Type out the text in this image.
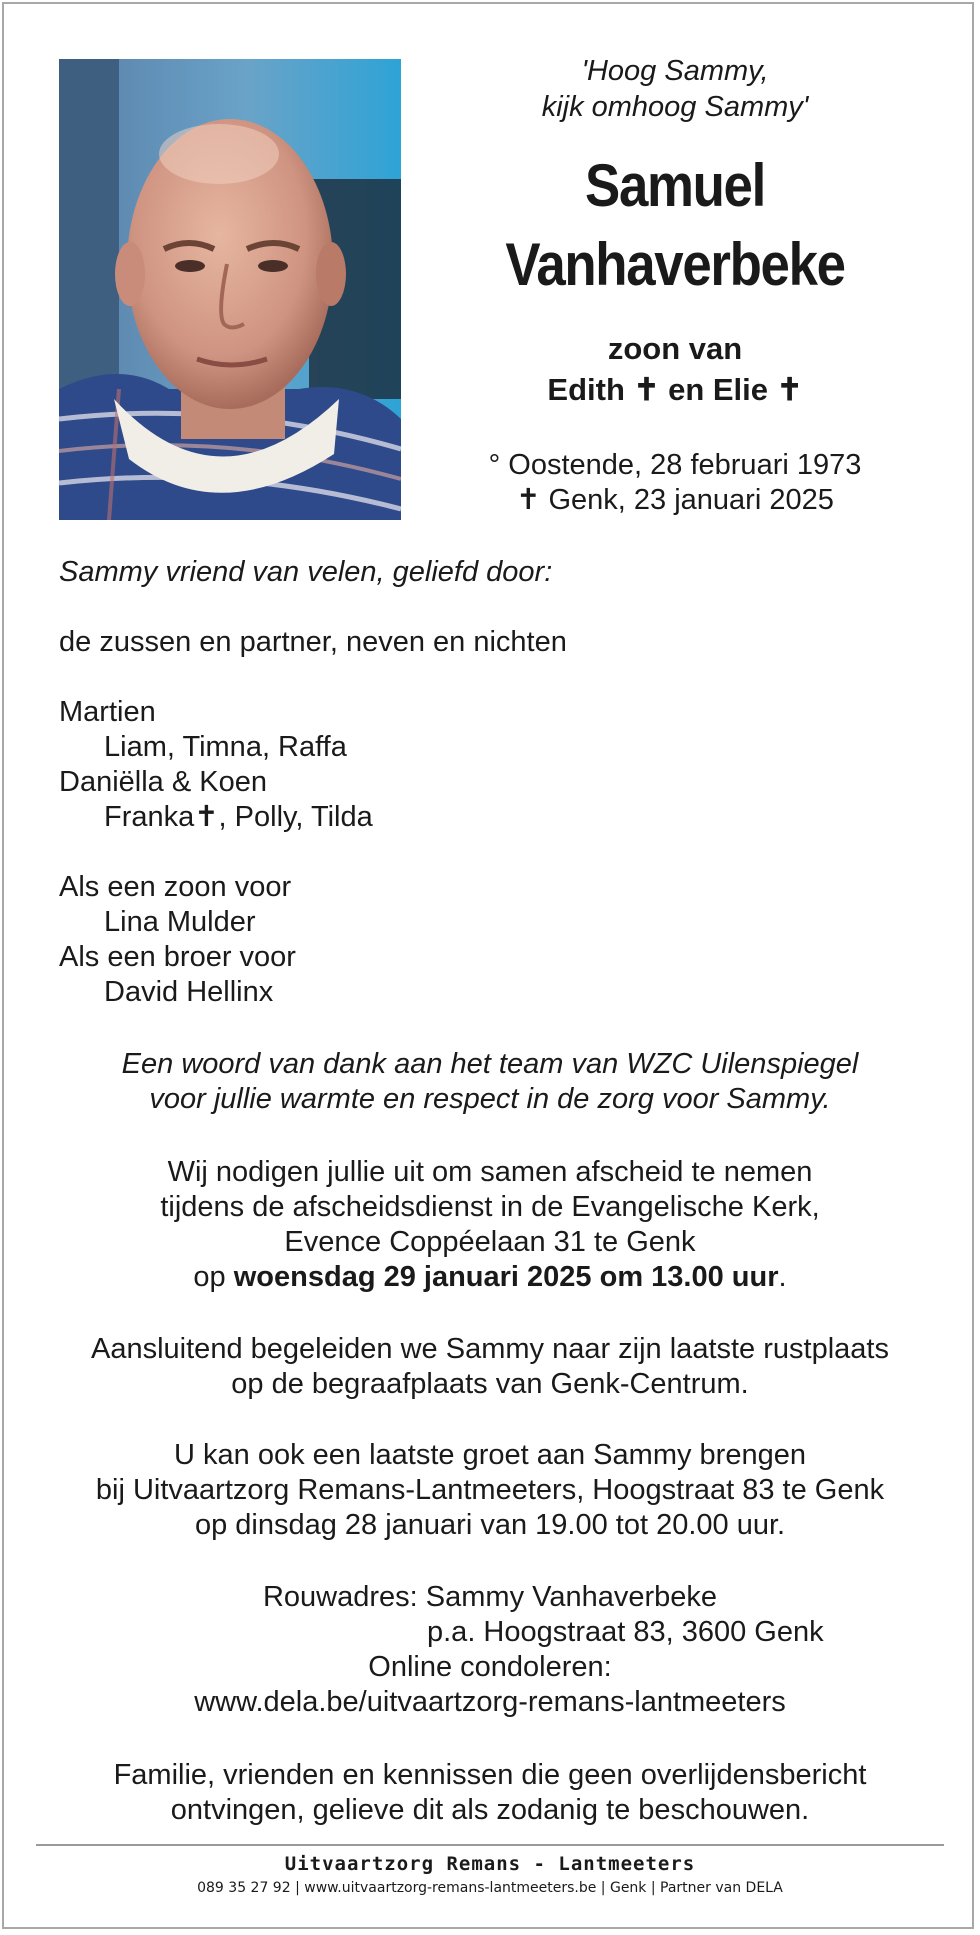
'Hoog Sammy,
kijk omhoog Sammy'
Samuel
Vanhaverbeke
zoon van
Edith ✝ en Elie ✝
° Oostende, 28 februari 1973
✝ Genk, 23 januari 2025
Sammy vriend van velen, geliefd door:
de zussen en partner, neven en nichten
Martien
Liam, Timna, Raffa
Daniëlla & Koen
Franka✝, Polly, Tilda
Als een zoon voor
Lina Mulder
Als een broer voor
David Hellinx
Een woord van dank aan het team van WZC Uilenspiegel
voor jullie warmte en respect in de zorg voor Sammy.
Wij nodigen jullie uit om samen afscheid te nemen
tijdens de afscheidsdienst in de Evangelische Kerk,
Evence Coppéelaan 31 te Genk
op woensdag 29 januari 2025 om 13.00 uur.
Aansluitend begeleiden we Sammy naar zijn laatste rustplaats
op de begraafplaats van Genk-Centrum.
U kan ook een laatste groet aan Sammy brengen
bij Uitvaartzorg Remans-Lantmeeters, Hoogstraat 83 te Genk
op dinsdag 28 januari van 19.00 tot 20.00 uur.
Rouwadres: Sammy Vanhaverbeke
p.a. Hoogstraat 83, 3600 Genk
Online condoleren:
www.dela.be/uitvaartzorg-remans-lantmeeters
Familie, vrienden en kennissen die geen overlijdensbericht
ontvingen, gelieve dit als zodanig te beschouwen.
Uitvaartzorg Remans - Lantmeeters
089 35 27 92 | www.uitvaartzorg-remans-lantmeeters.be | Genk | Partner van DELA
